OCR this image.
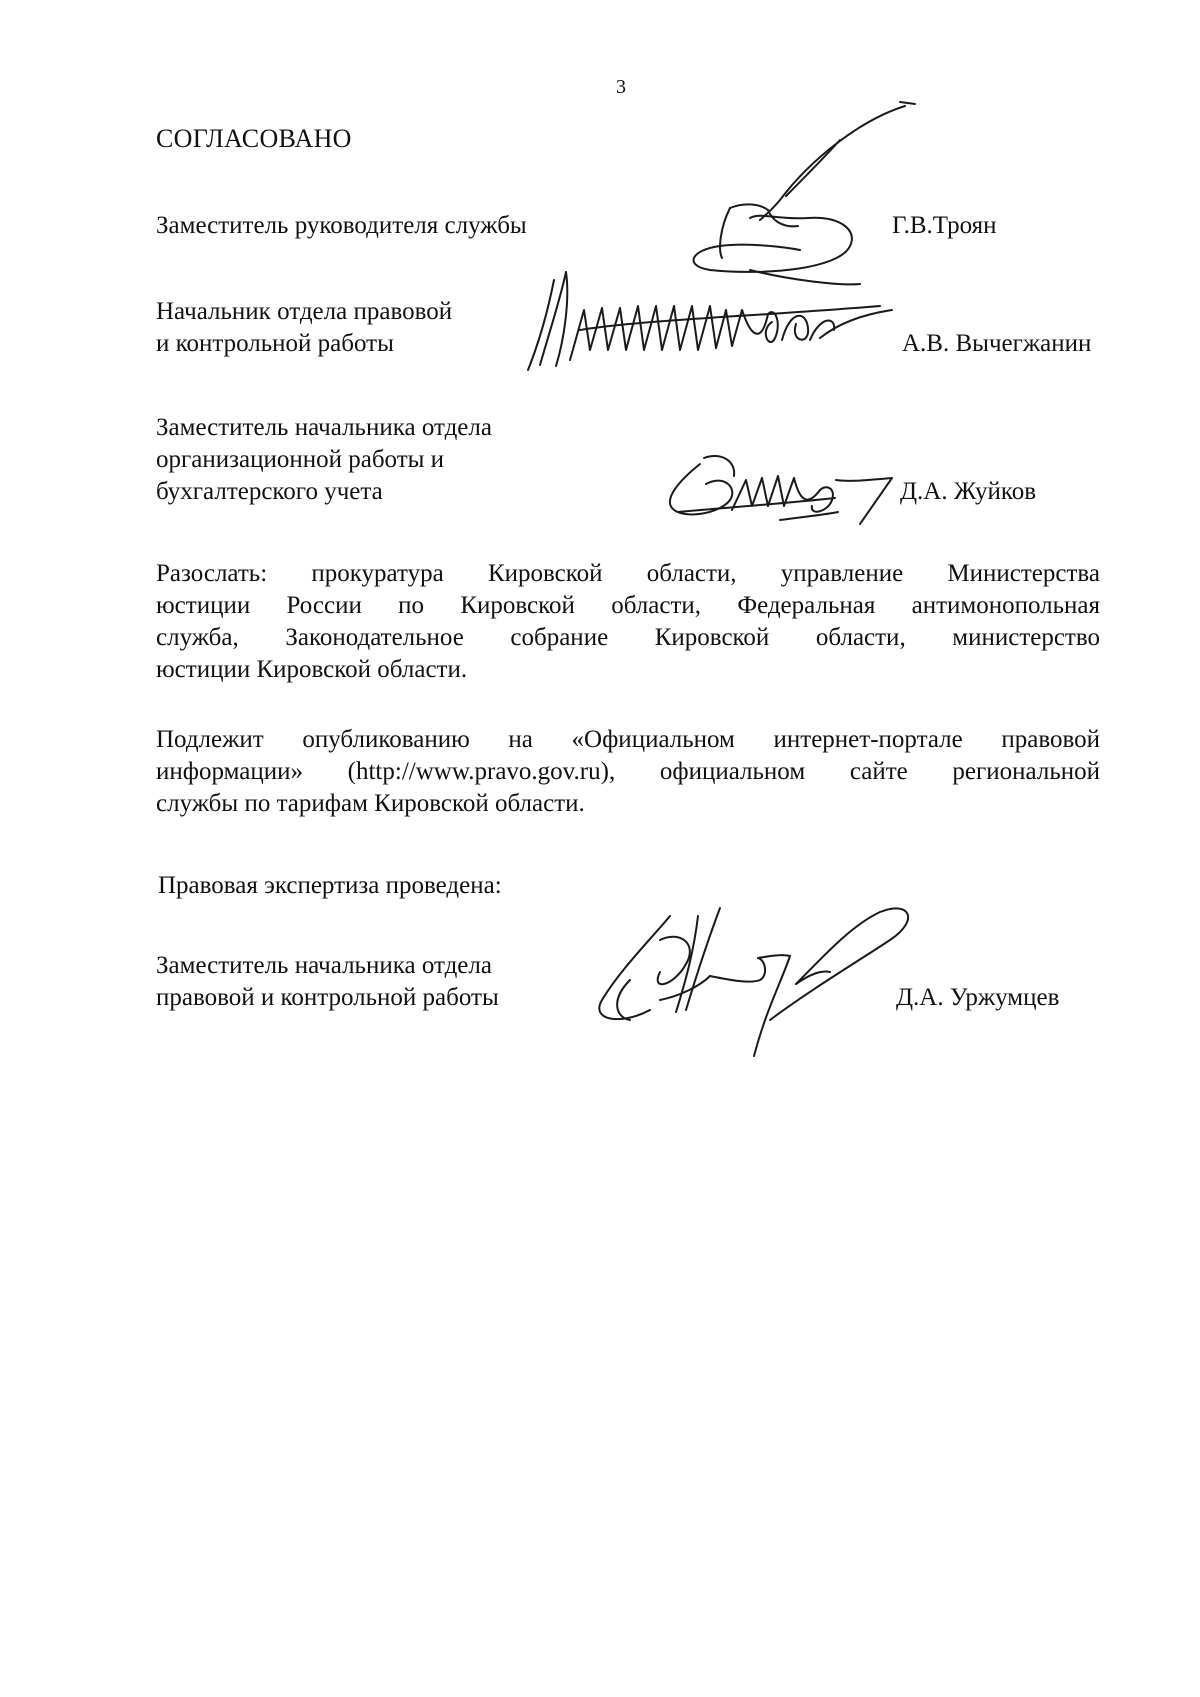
3
СОГЛАСОВАНО
Заместитель руководителя службы	Г.В.Троян
Начальник отдела правовой
и контрольной работы	А.В. Вычегжанин
Заместитель начальника отдела
организационной работы и
бухгалтерского учета	Д.А. Жуйков
Разослать: прокуратура Кировской области, управление Министерства
юстиции России по Кировской области, Федеральная антимонопольная
служба, Законодательное собрание Кировской области, министерство
юстиции Кировской области.
Подлежит опубликованию на «Официальном интернет-портале правовой
информации» (http://www.pravo.gov.ru), официальном сайте региональной
службы по тарифам Кировской области.
Правовая экспертиза проведена:
Заместитель начальника отдела
правовой и контрольной работы	Д.А. Уржумцев
